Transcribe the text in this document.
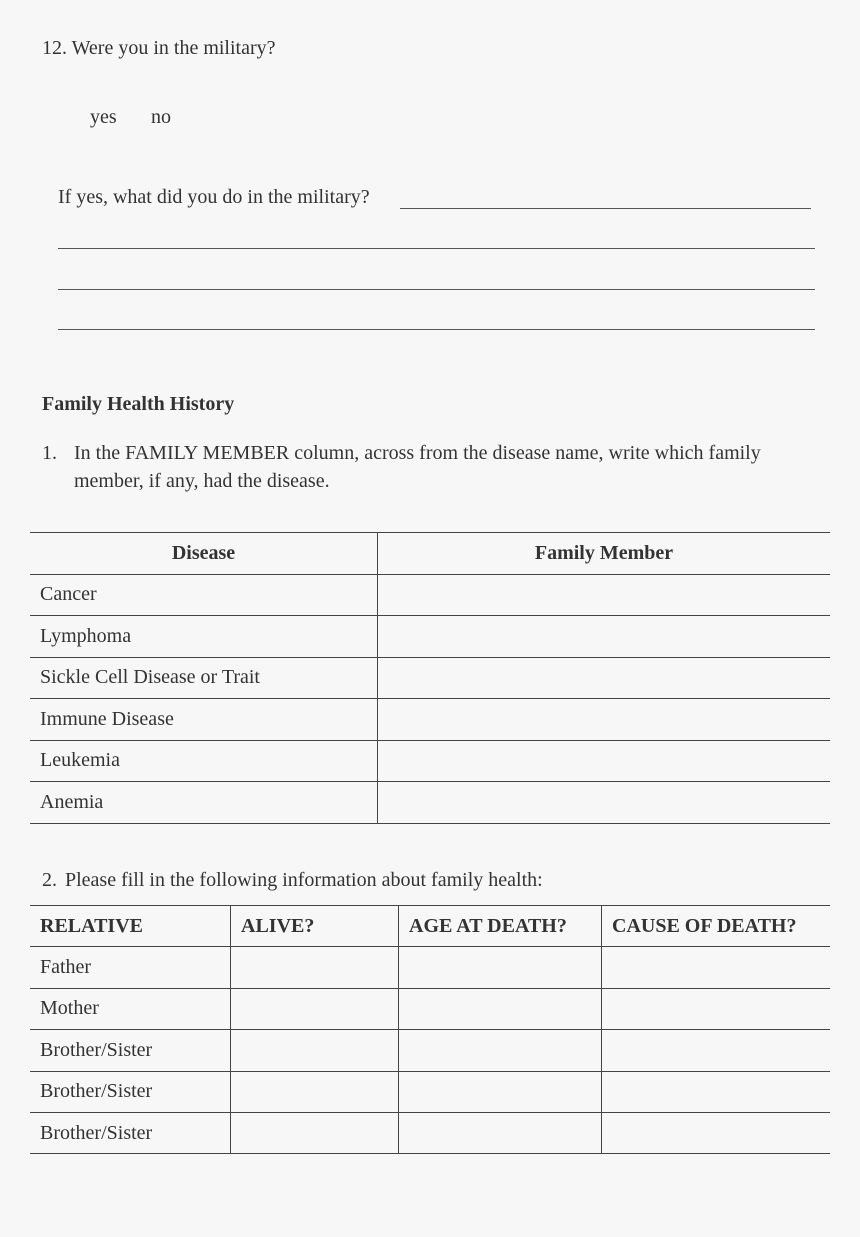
12. Were you in the military?
yes no
If yes, what did you do in the military?
Family Health History
1. In the FAMILY MEMBER column, across from the disease name, write which family member, if any, had the disease.
Disease	Family Member
Cancer	
Lymphoma	
Sickle Cell Disease or Trait	
Immune Disease	
Leukemia	
Anemia	
2. Please fill in the following information about family health:
RELATIVE	ALIVE?	AGE AT DEATH?	CAUSE OF DEATH?
Father			
Mother			
Brother/Sister			
Brother/Sister			
Brother/Sister			
